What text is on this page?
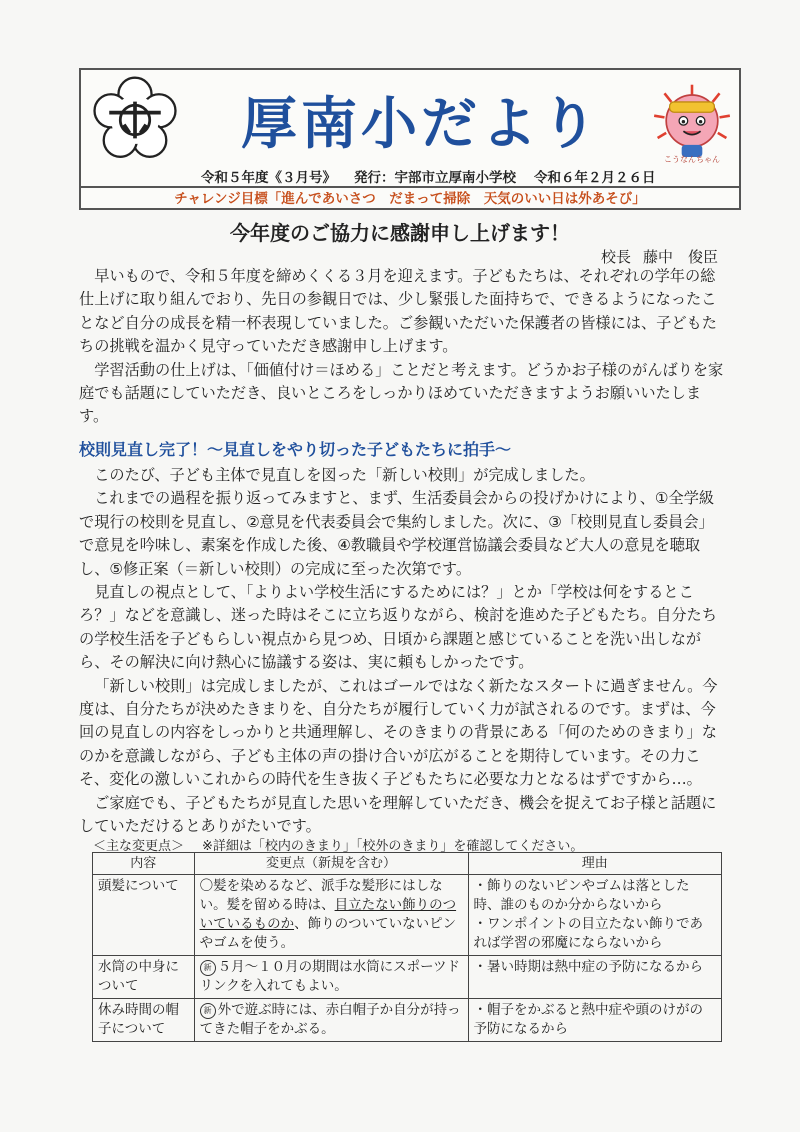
厚南小だより
こうなんちゃん
令和５年度《３月号》 発行：宇部市立厚南小学校 令和６年２月２６日
チャレンジ目標「進んであいさつ　だまって掃除　天気のいい日は外あそび」
今年度のご協力に感謝申し上げます！
校長 藤中　俊臣

早いもので、令和５年度を締めくくる３月を迎えます。子どもたちは、それぞれの学年の総仕上げに取り組んでおり、先日の参観日では、少し緊張した面持ちで、できるようになったことなど自分の成長を精一杯表現していました。ご参観いただいた保護者の皆様には、子どもたちの挑戦を温かく見守っていただき感謝申し上げます。

学習活動の仕上げは、「価値付け＝ほめる」ことだと考えます。どうかお子様のがんばりを家庭でも話題にしていただき、良いところをしっかりほめていただきますようお願いいたします。

校則見直し完了！～見直しをやり切った子どもたちに拍手～

このたび、子ども主体で見直しを図った「新しい校則」が完成しました。

これまでの過程を振り返ってみますと、まず、生活委員会からの投げかけにより、①全学級で現行の校則を見直し、②意見を代表委員会で集約しました。次に、③「校則見直し委員会」で意見を吟味し、素案を作成した後、④教職員や学校運営協議会委員など大人の意見を聴取し、⑤修正案（＝新しい校則）の完成に至った次第です。

見直しの視点として、「よりよい学校生活にするためには？」とか「学校は何をするところ？」などを意識し、迷った時はそこに立ち返りながら、検討を進めた子どもたち。自分たちの学校生活を子どもらしい視点から見つめ、日頃から課題と感じていることを洗い出しながら、その解決に向け熱心に協議する姿は、実に頼もしかったです。

「新しい校則」は完成しましたが、これはゴールではなく新たなスタートに過ぎません。今度は、自分たちが決めたきまりを、自分たちが履行していく力が試されるのです。まずは、今回の見直しの内容をしっかりと共通理解し、そのきまりの背景にある「何のためのきまり」なのかを意識しながら、子ども主体の声の掛け合いが広がることを期待しています。その力こそ、変化の激しいこれからの時代を生き抜く子どもたちに必要な力となるはずですから…。

ご家庭でも、子どもたちが見直した思いを理解していただき、機会を捉えてお子様と話題にしていただけるとありがたいです。

＜主な変更点＞ ※詳細は「校内のきまり」「校外のきまり」を確認してください。
内容	変更点（新規を含む）	理由
頭髪について	〇髪を染めるなど、派手な髪形にはしない。髪を留める時は、目立たない飾りのついているものか、飾りのついていないピンやゴムを使う。	・飾りのないピンやゴムは落とした時、誰のものか分からないから
・ワンポイントの目立たない飾りであれば学習の邪魔にならないから

水筒の中身について	新 ５月～１０月の期間は水筒にスポーツドリンクを入れてもよい。	・暑い時期は熱中症の予防になるから

休み時間の帽子について	新 外で遊ぶ時には、赤白帽子か自分が持ってきた帽子をかぶる。	・帽子をかぶると熱中症や頭のけがの予防になるから
